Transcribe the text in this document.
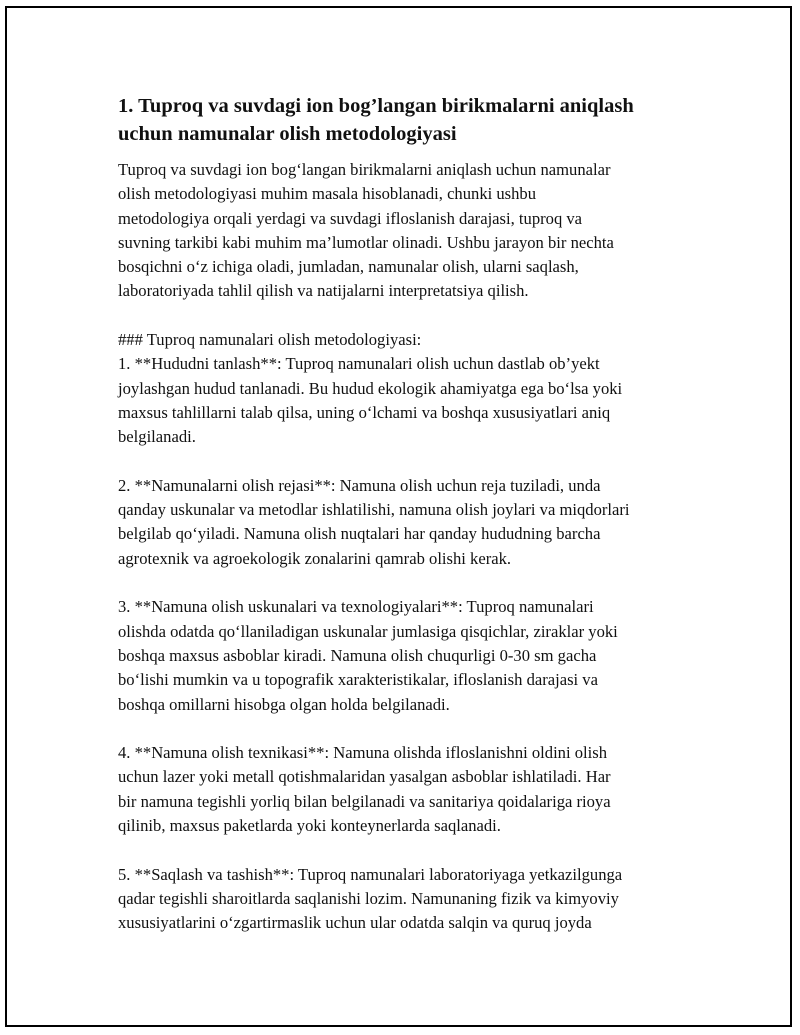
1. Tuproq va suvdagi ion bog’langan birikmalarni aniqlash
uchun namunalar olish metodologiyasi
Tuproq va suvdagi ion bog‘langan birikmalarni aniqlash uchun namunalar
olish metodologiyasi muhim masala hisoblanadi, chunki ushbu
metodologiya orqali yerdagi va suvdagi ifloslanish darajasi, tuproq va
suvning tarkibi kabi muhim ma’lumotlar olinadi. Ushbu jarayon bir nechta
bosqichni o‘z ichiga oladi, jumladan, namunalar olish, ularni saqlash,
laboratoriyada tahlil qilish va natijalarni interpretatsiya qilish.
### Tuproq namunalari olish metodologiyasi:
1. **Hududni tanlash**: Tuproq namunalari olish uchun dastlab ob’yekt
joylashgan hudud tanlanadi. Bu hudud ekologik ahamiyatga ega bo‘lsa yoki
maxsus tahlillarni talab qilsa, uning o‘lchami va boshqa xususiyatlari aniq
belgilanadi.
2. **Namunalarni olish rejasi**: Namuna olish uchun reja tuziladi, unda
qanday uskunalar va metodlar ishlatilishi, namuna olish joylari va miqdorlari
belgilab qo‘yiladi. Namuna olish nuqtalari har qanday hududning barcha
agrotexnik va agroekologik zonalarini qamrab olishi kerak.
3. **Namuna olish uskunalari va texnologiyalari**: Tuproq namunalari
olishda odatda qo‘llaniladigan uskunalar jumlasiga qisqichlar, ziraklar yoki
boshqa maxsus asboblar kiradi. Namuna olish chuqurligi 0-30 sm gacha
bo‘lishi mumkin va u topografik xarakteristikalar, ifloslanish darajasi va
boshqa omillarni hisobga olgan holda belgilanadi.
4. **Namuna olish texnikasi**: Namuna olishda ifloslanishni oldini olish
uchun lazer yoki metall qotishmalaridan yasalgan asboblar ishlatiladi. Har
bir namuna tegishli yorliq bilan belgilanadi va sanitariya qoidalariga rioya
qilinib, maxsus paketlarda yoki konteynerlarda saqlanadi.
5. **Saqlash va tashish**: Tuproq namunalari laboratoriyaga yetkazilgunga
qadar tegishli sharoitlarda saqlanishi lozim. Namunaning fizik va kimyoviy
xususiyatlarini o‘zgartirmaslik uchun ular odatda salqin va quruq joyda
